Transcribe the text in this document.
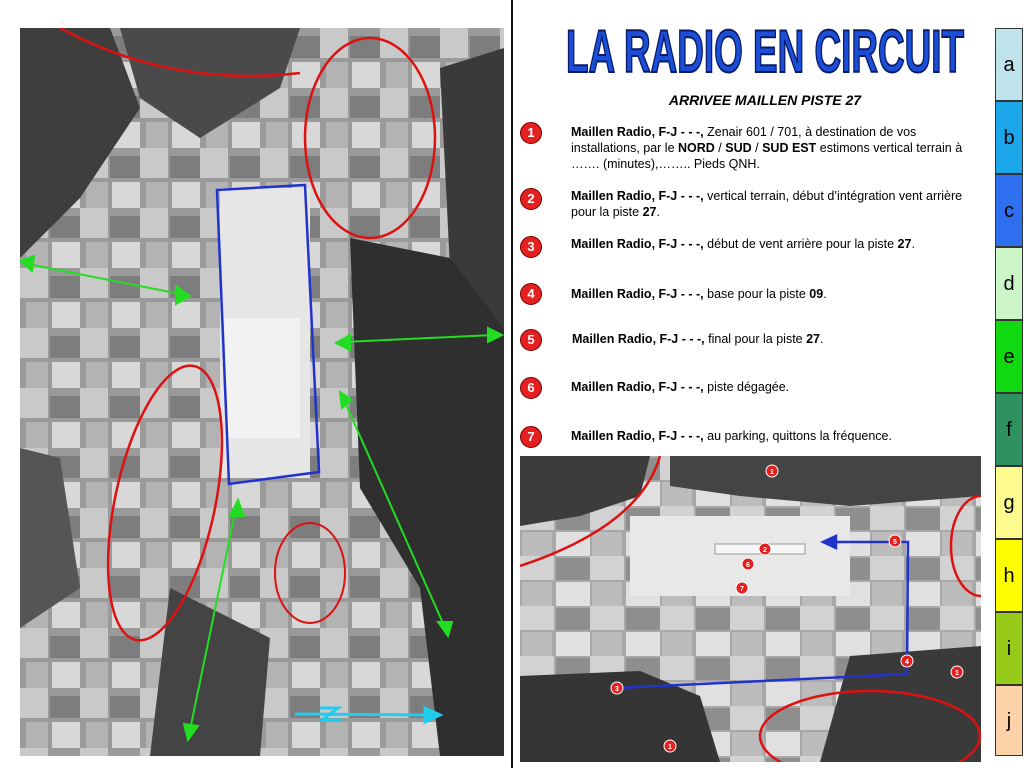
LA RADIO EN CIRCUIT
ARRIVEE MAILLEN PISTE 27
1	Maillen Radio, F-J - - -, Zenair 601 / 701, à destination de vos installations, par le NORD / SUD / SUD EST estimons vertical terrain à ……. (minutes),…….. Pieds QNH.
2	Maillen Radio, F-J - - -, vertical terrain, début d’intégration vent arrière pour la piste 27.
3	Maillen Radio, F-J - - -, début de vent arrière pour la piste 27.
4	Maillen Radio, F-J - - -, base pour la piste 09.
5	Maillen Radio, F-J - - -, final pour la piste 27.
6	Maillen Radio, F-J - - -, piste dégagée.
7	Maillen Radio, F-J - - -, au parking, quittons la fréquence.
1
2
3
4
5
6
7
1
1
a
b
c
d
e
f
g
h
i
j
